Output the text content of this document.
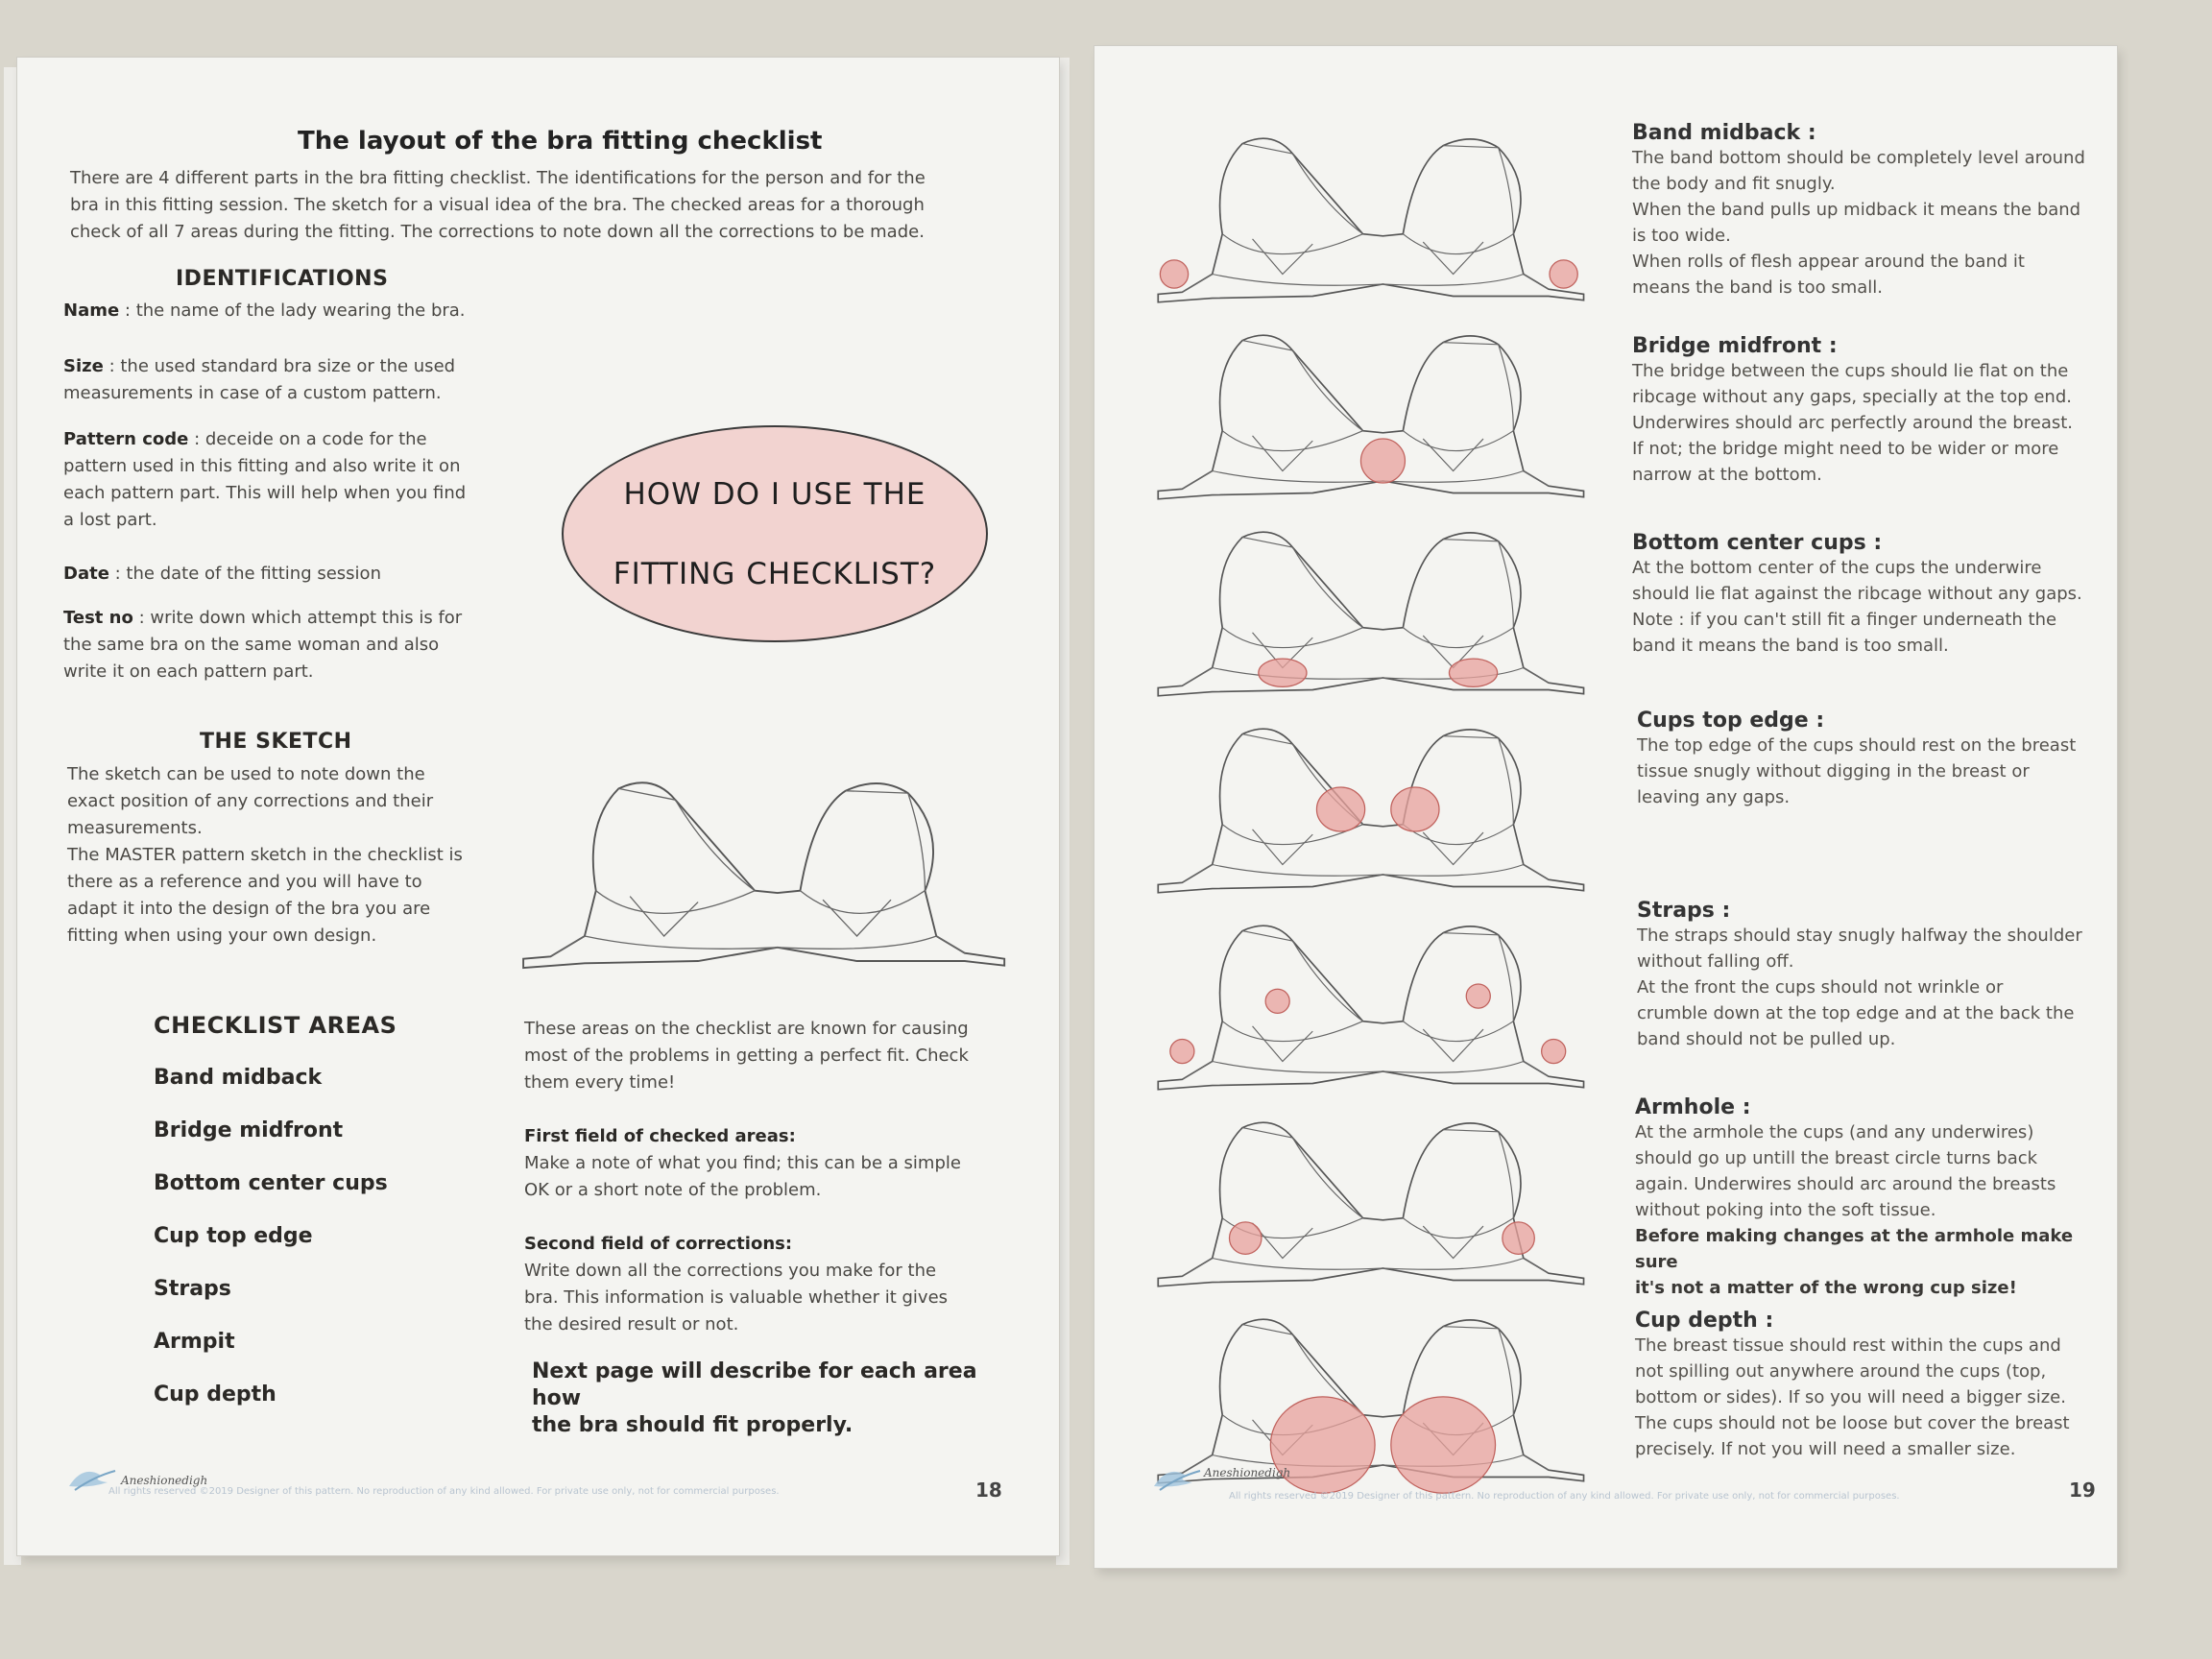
The layout of the bra fitting checklist
There are 4 different parts in the bra fitting checklist. The identifications for the person and for the
bra in this fitting session. The sketch for a visual idea of the bra. The checked areas for a thorough
check of all 7 areas during the fitting. The corrections to note down all the corrections to be made.
IDENTIFICATIONS
Name : the name of the lady wearing the bra.
Size : the used standard bra size or the used
measurements in case of a custom pattern.
Pattern code : deceide on a code for the
pattern used in this fitting and also write it on
each pattern part. This will help when you find
a lost part.
Date : the date of the fitting session
Test no : write down which attempt this is for
the same bra on the same woman and also
write it on each pattern part.
HOW DO I USE THE
FITTING CHECKLIST?
THE SKETCH
The sketch can be used to note down the
exact position of any corrections and their
measurements.
The MASTER pattern sketch in the checklist is
there as a reference and you will have to
adapt it into the design of the bra you are
fitting when using your own design.
CHECKLIST AREAS
Band midback
Bridge midfront
Bottom center cups
Cup top edge
Straps
Armpit
Cup depth
These areas on the checklist are known for causing
most of the problems in getting a perfect fit. Check
them every time!
First field of checked areas:
Make a note of what you find; this can be a simple
OK or a short note of the problem.
Second field of corrections:
Write down all the corrections you make for the
bra. This information is valuable whether it gives
the desired result or not.
Next page will describe for each area how
the bra should fit properly.
Aneshionedigh
All rights reserved ©2019 Designer of this pattern. No reproduction of any kind allowed. For private use only, not for commercial purposes.	18
Band midback :
The band bottom should be completely level around
the body and fit snugly.
When the band pulls up midback it means the band
is too wide.
When rolls of flesh appear around the band it
means the band is too small.
Bridge midfront :
The bridge between the cups should lie flat on the
ribcage without any gaps, specially at the top end.
Underwires should arc perfectly around the breast.
If not; the bridge might need to be wider or more
narrow at the bottom.
Bottom center cups :
At the bottom center of the cups the underwire
should lie flat against the ribcage without any gaps.
Note : if you can't still fit a finger underneath the
band it means the band is too small.
Cups top edge :
The top edge of the cups should rest on the breast
tissue snugly without digging in the breast or
leaving any gaps.
Straps :
The straps should stay snugly halfway the shoulder
without falling off.
At the front the cups should not wrinkle or
crumble down at the top edge and at the back the
band should not be pulled up.
Armhole :
At the armhole the cups (and any underwires)
should go up untill the breast circle turns back
again. Underwires should arc around the breasts
without poking into the soft tissue.
Before making changes at the armhole make sure
it's not a matter of the wrong cup size!
Cup depth :
The breast tissue should rest within the cups and
not spilling out anywhere around the cups (top,
bottom or sides). If so you will need a bigger size.
The cups should not be loose but cover the breast
precisely. If not you will need a smaller size.
Aneshionedigh
All rights reserved ©2019 Designer of this pattern. No reproduction of any kind allowed. For private use only, not for commercial purposes.	19
